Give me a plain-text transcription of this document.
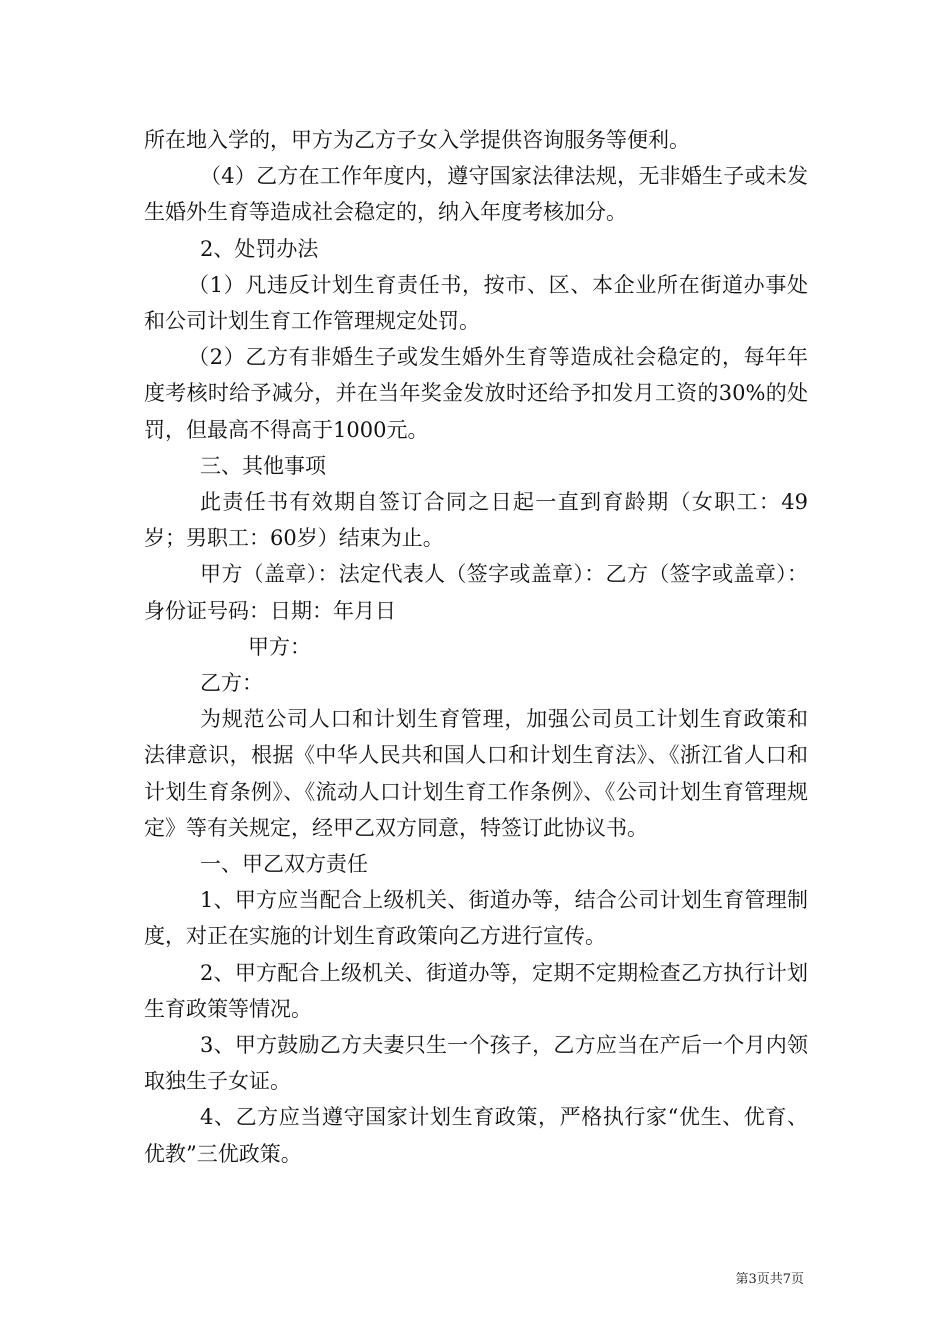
所在地入学的，甲方为乙方子女入学提供咨询服务等便利。

（4）乙方在工作年度内，遵守国家法律法规，无非婚生子或未发生婚外生育等造成社会稳定的，纳入年度考核加分。

2、处罚办法

（1）凡违反计划生育责任书，按市、区、本企业所在街道办事处和公司计划生育工作管理规定处罚。

（2）乙方有非婚生子或发生婚外生育等造成社会稳定的，每年年度考核时给予减分，并在当年奖金发放时还给予扣发月工资的30%的处罚，但最高不得高于1000元。

三、其他事项

此责任书有效期自签订合同之日起一直到育龄期（女职工：49岁；男职工：60岁）结束为止。

甲方（盖章）：法定代表人（签字或盖章）：乙方（签字或盖章）：身份证号码：日期：年月日

甲方：

乙方：

为规范公司人口和计划生育管理，加强公司员工计划生育政策和法律意识，根据《中华人民共和国人口和计划生育法》、《浙江省人口和计划生育条例》、《流动人口计划生育工作条例》、《公司计划生育管理规定》等有关规定，经甲乙双方同意，特签订此协议书。

一、甲乙双方责任

1、甲方应当配合上级机关、街道办等，结合公司计划生育管理制度，对正在实施的计划生育政策向乙方进行宣传。

2、甲方配合上级机关、街道办等，定期不定期检查乙方执行计划生育政策等情况。

3、甲方鼓励乙方夫妻只生一个孩子，乙方应当在产后一个月内领取独生子女证。

4、乙方应当遵守国家计划生育政策，严格执行家“优生、优育、优教”三优政策。

第3页共7页
